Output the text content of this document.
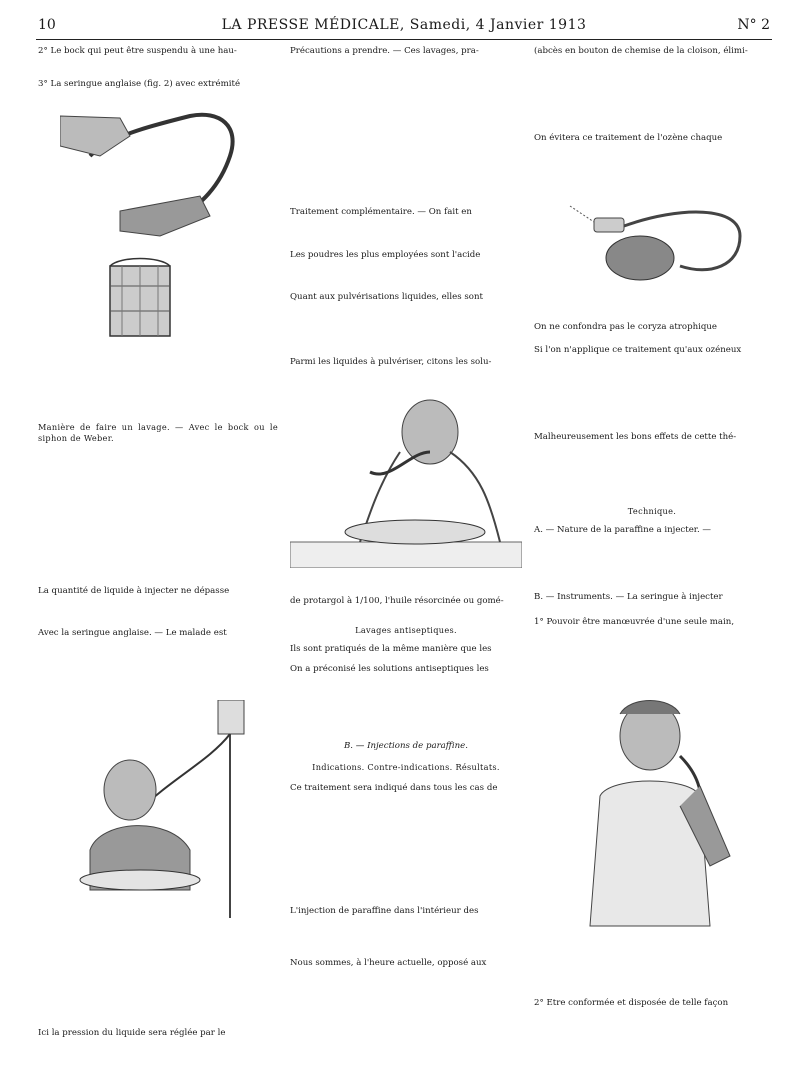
10	LA PRESSE MÉDICALE, Samedi, 4 Janvier 1913	N° 2

2° Le bock qui peut être suspendu à une hau-

3° La seringue anglaise (fig. 2) avec extrémité

Manière de faire un lavage. — Avec le bock ou le siphon de Weber.

La quantité de liquide à injecter ne dépasse

Avec la seringue anglaise. — Le malade est

Ici la pression du liquide sera réglée par le

Précautions a prendre. — Ces lavages, pra-

Traitement complémentaire. — On fait en

Les poudres les plus employées sont l'acide

Quant aux pulvérisations liquides, elles sont

Parmi les liquides à pulvériser, citons les solu-

de protargol à 1/100, l'huile résorcinée ou gomé-

Lavages antiseptiques.

Ils sont pratiqués de la même manière que les

On a préconisé les solutions antiseptiques les

B. — Injections de paraffine.

Indications. Contre-indications. Résultats.

Ce traitement sera indiqué dans tous les cas de

L'injection de paraffine dans l'intérieur des

Nous sommes, à l'heure actuelle, opposé aux

(abcès en bouton de chemise de la cloison, élimi-

On évitera ce traitement de l'ozène chaque

On ne confondra pas le coryza atrophique

Si l'on n'applique ce traitement qu'aux ozéneux

Malheureusement les bons effets de cette thé-

Technique.

A. — Nature de la paraffine a injecter. —

B. — Instruments. — La seringue à injecter

1° Pouvoir être manœuvrée d'une seule main,

2° Etre conformée et disposée de telle façon
